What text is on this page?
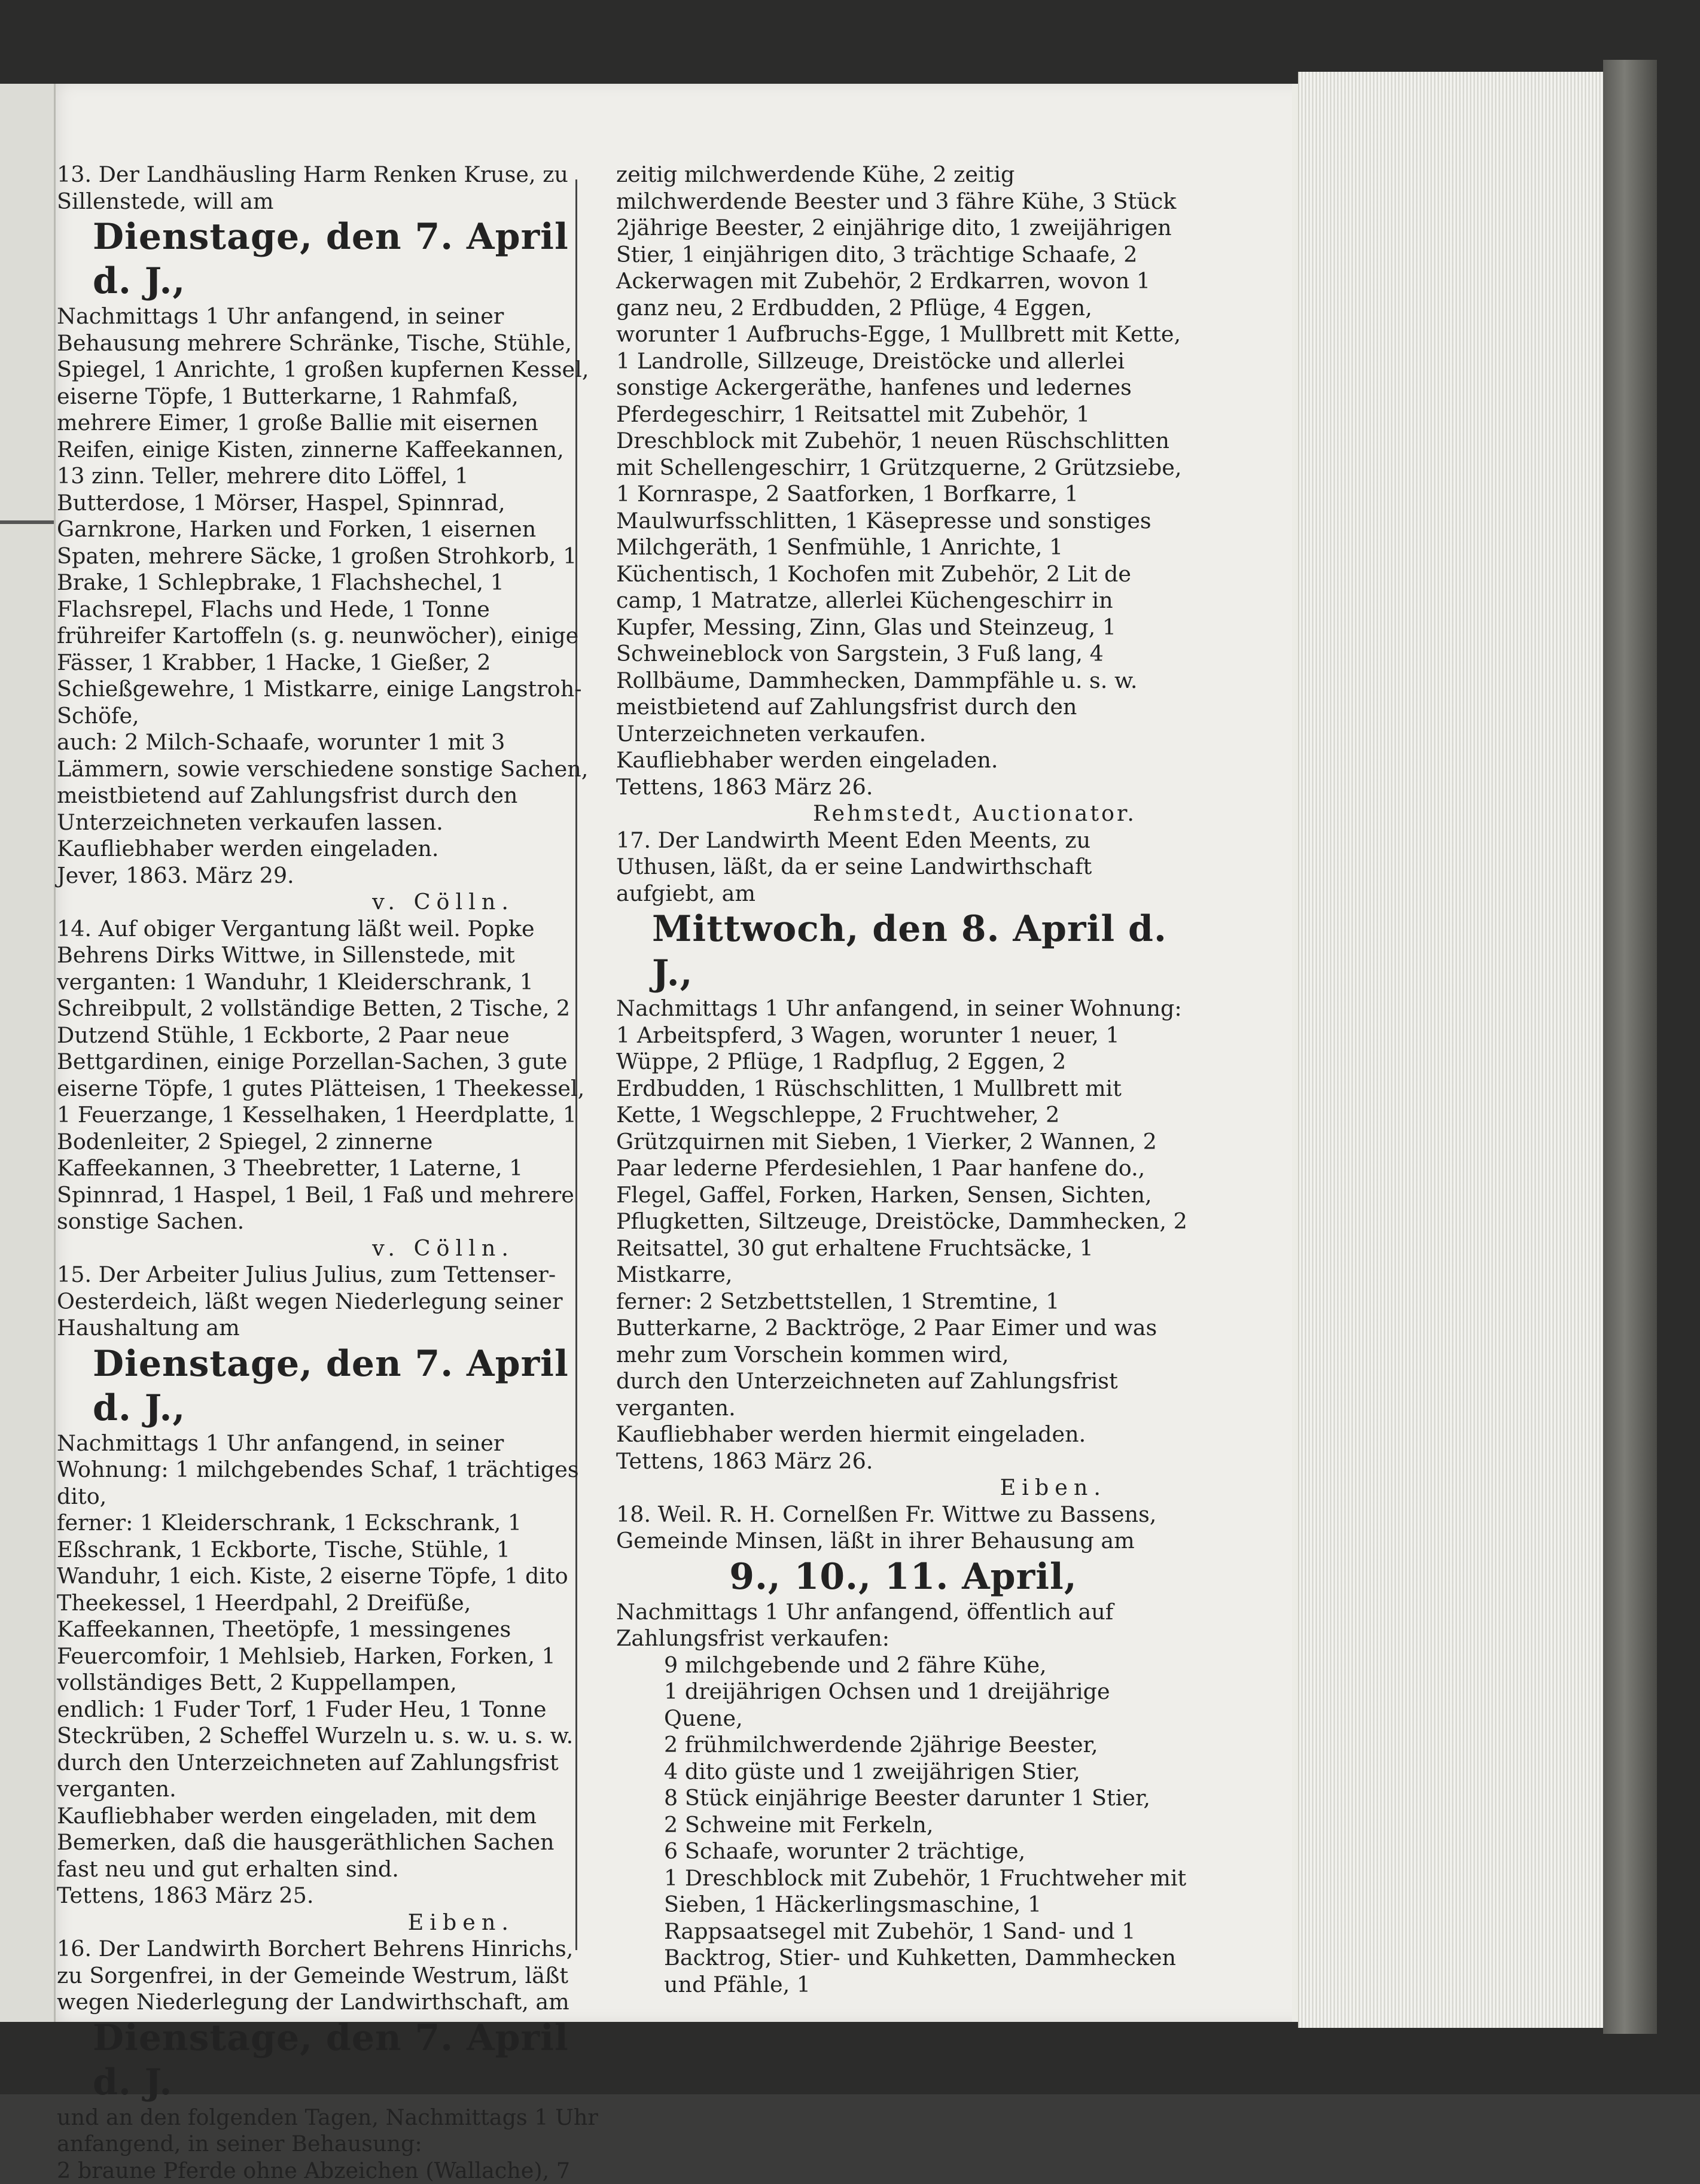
13. Der Landhäusling Harm Renken Kruse, zu Sillenstede, will am
Dienstage, den 7. April d. J.,
Nachmittags 1 Uhr anfangend, in seiner Behausung mehrere Schränke, Tische, Stühle, Spiegel, 1 Anrichte, 1 großen kupfernen Kessel, eiserne Töpfe, 1 Butterkarne, 1 Rahmfaß, mehrere Eimer, 1 große Ballie mit eisernen Reifen, einige Kisten, zinnerne Kaffeekannen, 13 zinn. Teller, mehrere dito Löffel, 1 Butterdose, 1 Mörser, Haspel, Spinnrad, Garnkrone, Harken und Forken, 1 eisernen Spaten, mehrere Säcke, 1 großen Strohkorb, 1 Brake, 1 Schlepbrake, 1 Flachshechel, 1 Flachsrepel, Flachs und Hede, 1 Tonne frühreifer Kartoffeln (s. g. neunwöcher), einige Fässer, 1 Krabber, 1 Hacke, 1 Gießer, 2 Schießgewehre, 1 Mistkarre, einige Langstroh-Schöfe,
auch: 2 Milch-Schaafe, worunter 1 mit 3 Lämmern, sowie verschiedene sonstige Sachen,
meistbietend auf Zahlungsfrist durch den Unterzeichneten verkaufen lassen.
Kaufliebhaber werden eingeladen.
Jever, 1863. März 29.
v. Cölln.
14. Auf obiger Vergantung läßt weil. Popke Behrens Dirks Wittwe, in Sillenstede, mit verganten: 1 Wanduhr, 1 Kleiderschrank, 1 Schreibpult, 2 vollständige Betten, 2 Tische, 2 Dutzend Stühle, 1 Eckborte, 2 Paar neue Bettgardinen, einige Porzellan-Sachen, 3 gute eiserne Töpfe, 1 gutes Plätteisen, 1 Theekessel, 1 Feuerzange, 1 Kesselhaken, 1 Heerdplatte, 1 Bodenleiter, 2 Spiegel, 2 zinnerne Kaffeekannen, 3 Theebretter, 1 Laterne, 1 Spinnrad, 1 Haspel, 1 Beil, 1 Faß und mehrere sonstige Sachen.
v. Cölln.
15. Der Arbeiter Julius Julius, zum Tettenser-Oesterdeich, läßt wegen Niederlegung seiner Haushaltung am
Dienstage, den 7. April d. J.,
Nachmittags 1 Uhr anfangend, in seiner Wohnung: 1 milchgebendes Schaf, 1 trächtiges dito,
ferner: 1 Kleiderschrank, 1 Eckschrank, 1 Eßschrank, 1 Eckborte, Tische, Stühle, 1 Wanduhr, 1 eich. Kiste, 2 eiserne Töpfe, 1 dito Theekessel, 1 Heerdpahl, 2 Dreifüße, Kaffeekannen, Theetöpfe, 1 messingenes Feuercomfoir, 1 Mehlsieb, Harken, Forken, 1 vollständiges Bett, 2 Kuppellampen,
endlich: 1 Fuder Torf, 1 Fuder Heu, 1 Tonne Steckrüben, 2 Scheffel Wurzeln u. s. w. u. s. w.
durch den Unterzeichneten auf Zahlungsfrist verganten.
Kaufliebhaber werden eingeladen, mit dem Bemerken, daß die hausgeräthlichen Sachen fast neu und gut erhalten sind.
Tettens, 1863 März 25.
Eiben.
16. Der Landwirth Borchert Behrens Hinrichs, zu Sorgenfrei, in der Gemeinde Westrum, läßt wegen Niederlegung der Landwirthschaft, am
Dienstage, den 7. April d. J.
und an den folgenden Tagen, Nachmittags 1 Uhr anfangend, in seiner Behausung:
2 braune Pferde ohne Abzeichen (Wallache), 7
zeitig milchwerdende Kühe, 2 zeitig milchwerdende Beester und 3 fähre Kühe, 3 Stück 2jährige Beester, 2 einjährige dito, 1 zweijährigen Stier, 1 einjährigen dito, 3 trächtige Schaafe, 2 Ackerwagen mit Zubehör, 2 Erdkarren, wovon 1 ganz neu, 2 Erdbudden, 2 Pflüge, 4 Eggen, worunter 1 Aufbruchs-Egge, 1 Mullbrett mit Kette, 1 Landrolle, Sillzeuge, Dreistöcke und allerlei sonstige Ackergeräthe, hanfenes und ledernes Pferdegeschirr, 1 Reitsattel mit Zubehör, 1 Dreschblock mit Zubehör, 1 neuen Rüschschlitten mit Schellengeschirr, 1 Grützquerne, 2 Grützsiebe, 1 Kornraspe, 2 Saatforken, 1 Borfkarre, 1 Maulwurfsschlitten, 1 Käsepresse und sonstiges Milchgeräth, 1 Senfmühle, 1 Anrichte, 1 Küchentisch, 1 Kochofen mit Zubehör, 2 Lit de camp, 1 Matratze, allerlei Küchengeschirr in Kupfer, Messing, Zinn, Glas und Steinzeug, 1 Schweineblock von Sargstein, 3 Fuß lang, 4 Rollbäume, Dammhecken, Dammpfähle u. s. w.
meistbietend auf Zahlungsfrist durch den Unterzeichneten verkaufen.
Kaufliebhaber werden eingeladen.
Tettens, 1863 März 26.
Rehmstedt, Auctionator.
17. Der Landwirth Meent Eden Meents, zu Uthusen, läßt, da er seine Landwirthschaft aufgiebt, am
Mittwoch, den 8. April d. J.,
Nachmittags 1 Uhr anfangend, in seiner Wohnung: 1 Arbeitspferd, 3 Wagen, worunter 1 neuer, 1 Wüppe, 2 Pflüge, 1 Radpflug, 2 Eggen, 2 Erdbudden, 1 Rüschschlitten, 1 Mullbrett mit Kette, 1 Wegschleppe, 2 Fruchtweher, 2 Grützquirnen mit Sieben, 1 Vierker, 2 Wannen, 2 Paar lederne Pferdesiehlen, 1 Paar hanfene do., Flegel, Gaffel, Forken, Harken, Sensen, Sichten, Pflugketten, Siltzeuge, Dreistöcke, Dammhecken, 2 Reitsattel, 30 gut erhaltene Fruchtsäcke, 1 Mistkarre,
ferner: 2 Setzbettstellen, 1 Stremtine, 1 Butterkarne, 2 Backtröge, 2 Paar Eimer und was mehr zum Vorschein kommen wird,
durch den Unterzeichneten auf Zahlungsfrist verganten.
Kaufliebhaber werden hiermit eingeladen.
Tettens, 1863 März 26.
Eiben.
18. Weil. R. H. Cornelßen Fr. Wittwe zu Bassens, Gemeinde Minsen, läßt in ihrer Behausung am
9., 10., 11. April,
Nachmittags 1 Uhr anfangend, öffentlich auf Zahlungsfrist verkaufen:
9 milchgebende und 2 fähre Kühe,
1 dreijährigen Ochsen und 1 dreijährige Quene,
2 frühmilchwerdende 2jährige Beester,
4 dito güste und 1 zweijährigen Stier,
8 Stück einjährige Beester darunter 1 Stier,
2 Schweine mit Ferkeln,
6 Schaafe, worunter 2 trächtige,
1 Dreschblock mit Zubehör, 1 Fruchtweher mit Sieben, 1 Häckerlingsmaschine, 1 Rappsaatsegel mit Zubehör, 1 Sand- und 1 Backtrog, Stier- und Kuhketten, Dammhecken und Pfähle, 1
